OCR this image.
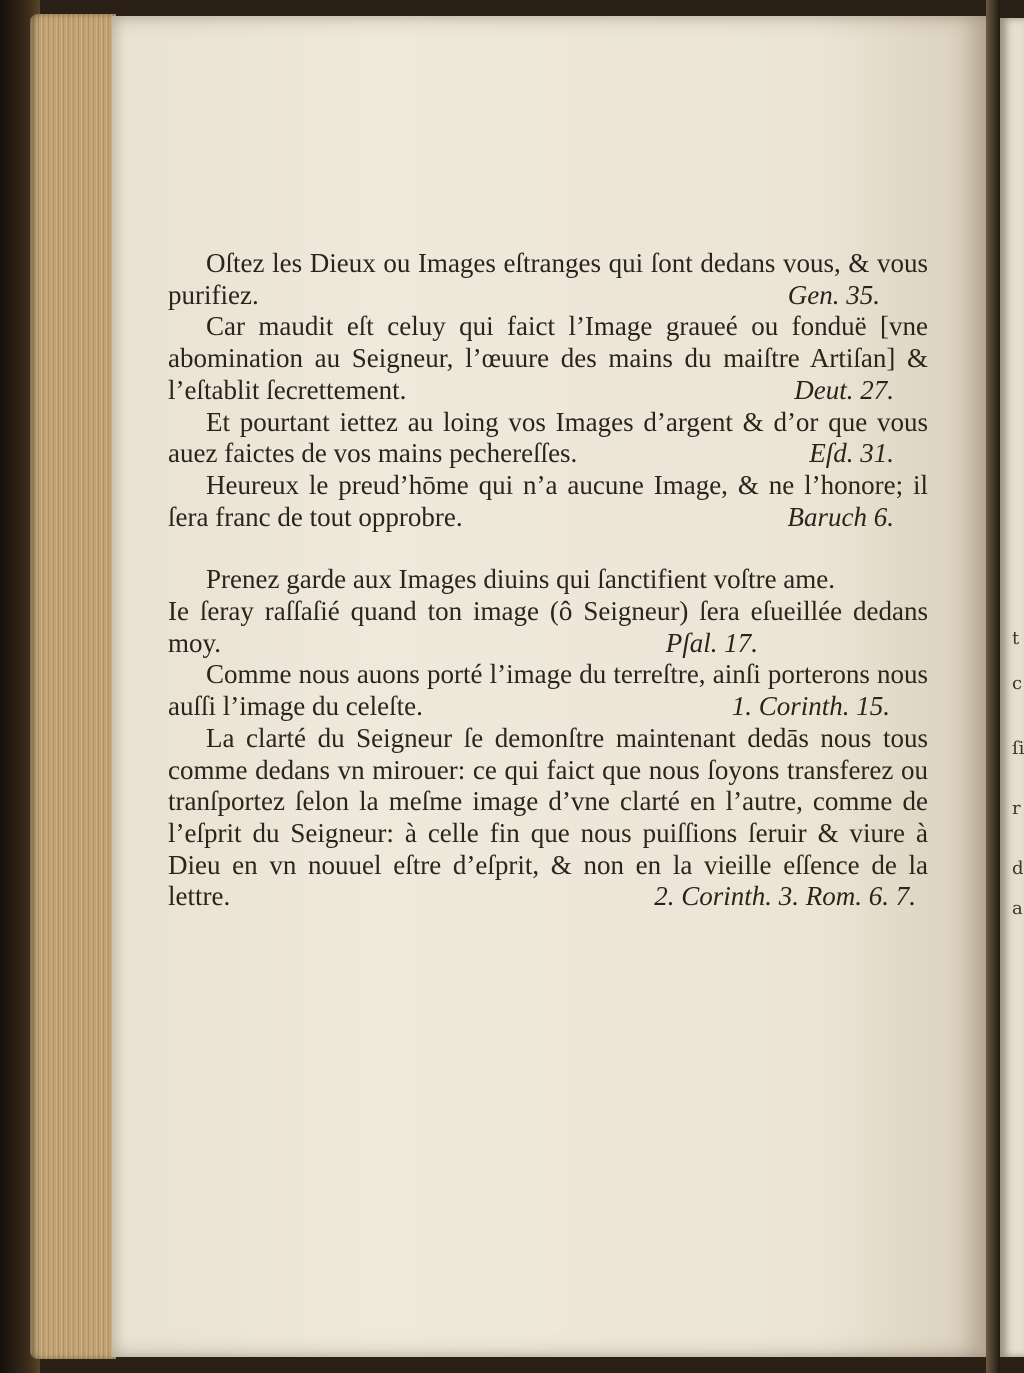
Oſtez les Dieux ou Images eſtranges qui ſont dedans vous, & vous purifiez.	Gen. 35.

Car maudit eſt celuy qui faict l’Image graueé ou fonduë [vne abomination au Seigneur, l’œuure des mains du maiſtre Artiſan] & l’eſtablit ſecrettement.	Deut. 27.

Et pourtant iettez au loing vos Images d’argent & d’or que vous auez faictes de vos mains pechereſſes.	Eſd. 31.

Heureux le preud’hōme qui n’a aucune Image, & ne l’honore; il ſera franc de tout opprobre.	Baruch 6.

Prenez garde aux Images diuins qui ſanctifient voſtre ame.

Ie ſeray raſſaſié quand ton image (ô Seigneur) ſera eſueillée dedans moy.	Pſal. 17.

Comme nous auons porté l’image du terreſtre, ainſi porterons nous auſſi l’image du celeſte.	1. Corinth. 15.

La clarté du Seigneur ſe demonſtre maintenant dedās nous tous comme dedans vn mirouer: ce qui faict que nous ſoyons transferez ou tranſportez ſelon la meſme image d’vne clarté en l’autre, comme de l’eſprit du Seigneur: à celle fin que nous puiſſions ſeruir & viure à Dieu en vn nouuel eſtre d’eſprit, & non en la vieille eſſence de la lettre.	2. Corinth. 3. Rom. 6. 7.

t
c
ſi
r
d
a
